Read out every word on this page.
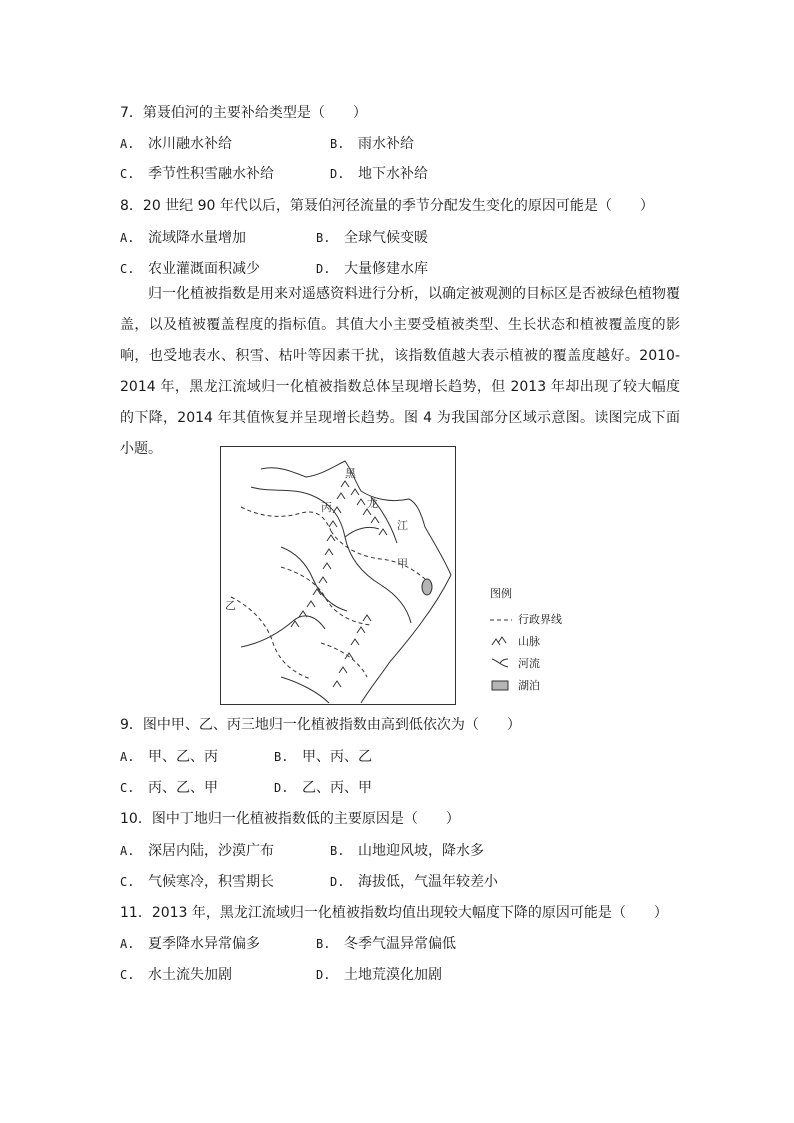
7．第聂伯河的主要补给类型是（　　）
A. 冰川融水补给	B. 雨水补给
C. 季节性积雪融水补给	D. 地下水补给
8．20 世纪 90 年代以后，第聂伯河径流量的季节分配发生变化的原因可能是（　　）
A. 流域降水量增加	B. 全球气候变暖
C. 农业灌溉面积减少	D. 大量修建水库

归一化植被指数是用来对遥感资料进行分析，以确定被观测的目标区是否被绿色植物覆盖，以及植被覆盖程度的指标值。其值大小主要受植被类型、生长状态和植被覆盖度的影响，也受地表水、积雪、枯叶等因素干扰，该指数值越大表示植被的覆盖度越好。2010-2014 年，黑龙江流域归一化植被指数总体呈现增长趋势，但 2013 年却出现了较大幅度的下降，2014 年其值恢复并呈现增长趋势。图 4 为我国部分区域示意图。读图完成下面小题。

黑
龙
江
丙
甲
乙
图例
行政界线
山脉
河流
湖泊
9．图中甲、乙、丙三地归一化植被指数由高到低依次为（　　）
A. 甲、乙、丙	B. 甲、丙、乙
C. 丙、乙、甲	D. 乙、丙、甲
10．图中丁地归一化植被指数低的主要原因是（　　）
A. 深居内陆，沙漠广布	B. 山地迎风坡，降水多
C. 气候寒冷，积雪期长	D. 海拔低，气温年较差小
11．2013 年，黑龙江流域归一化植被指数均值出现较大幅度下降的原因可能是（　　）
A. 夏季降水异常偏多	B. 冬季气温异常偏低
C. 水土流失加剧	D. 土地荒漠化加剧
